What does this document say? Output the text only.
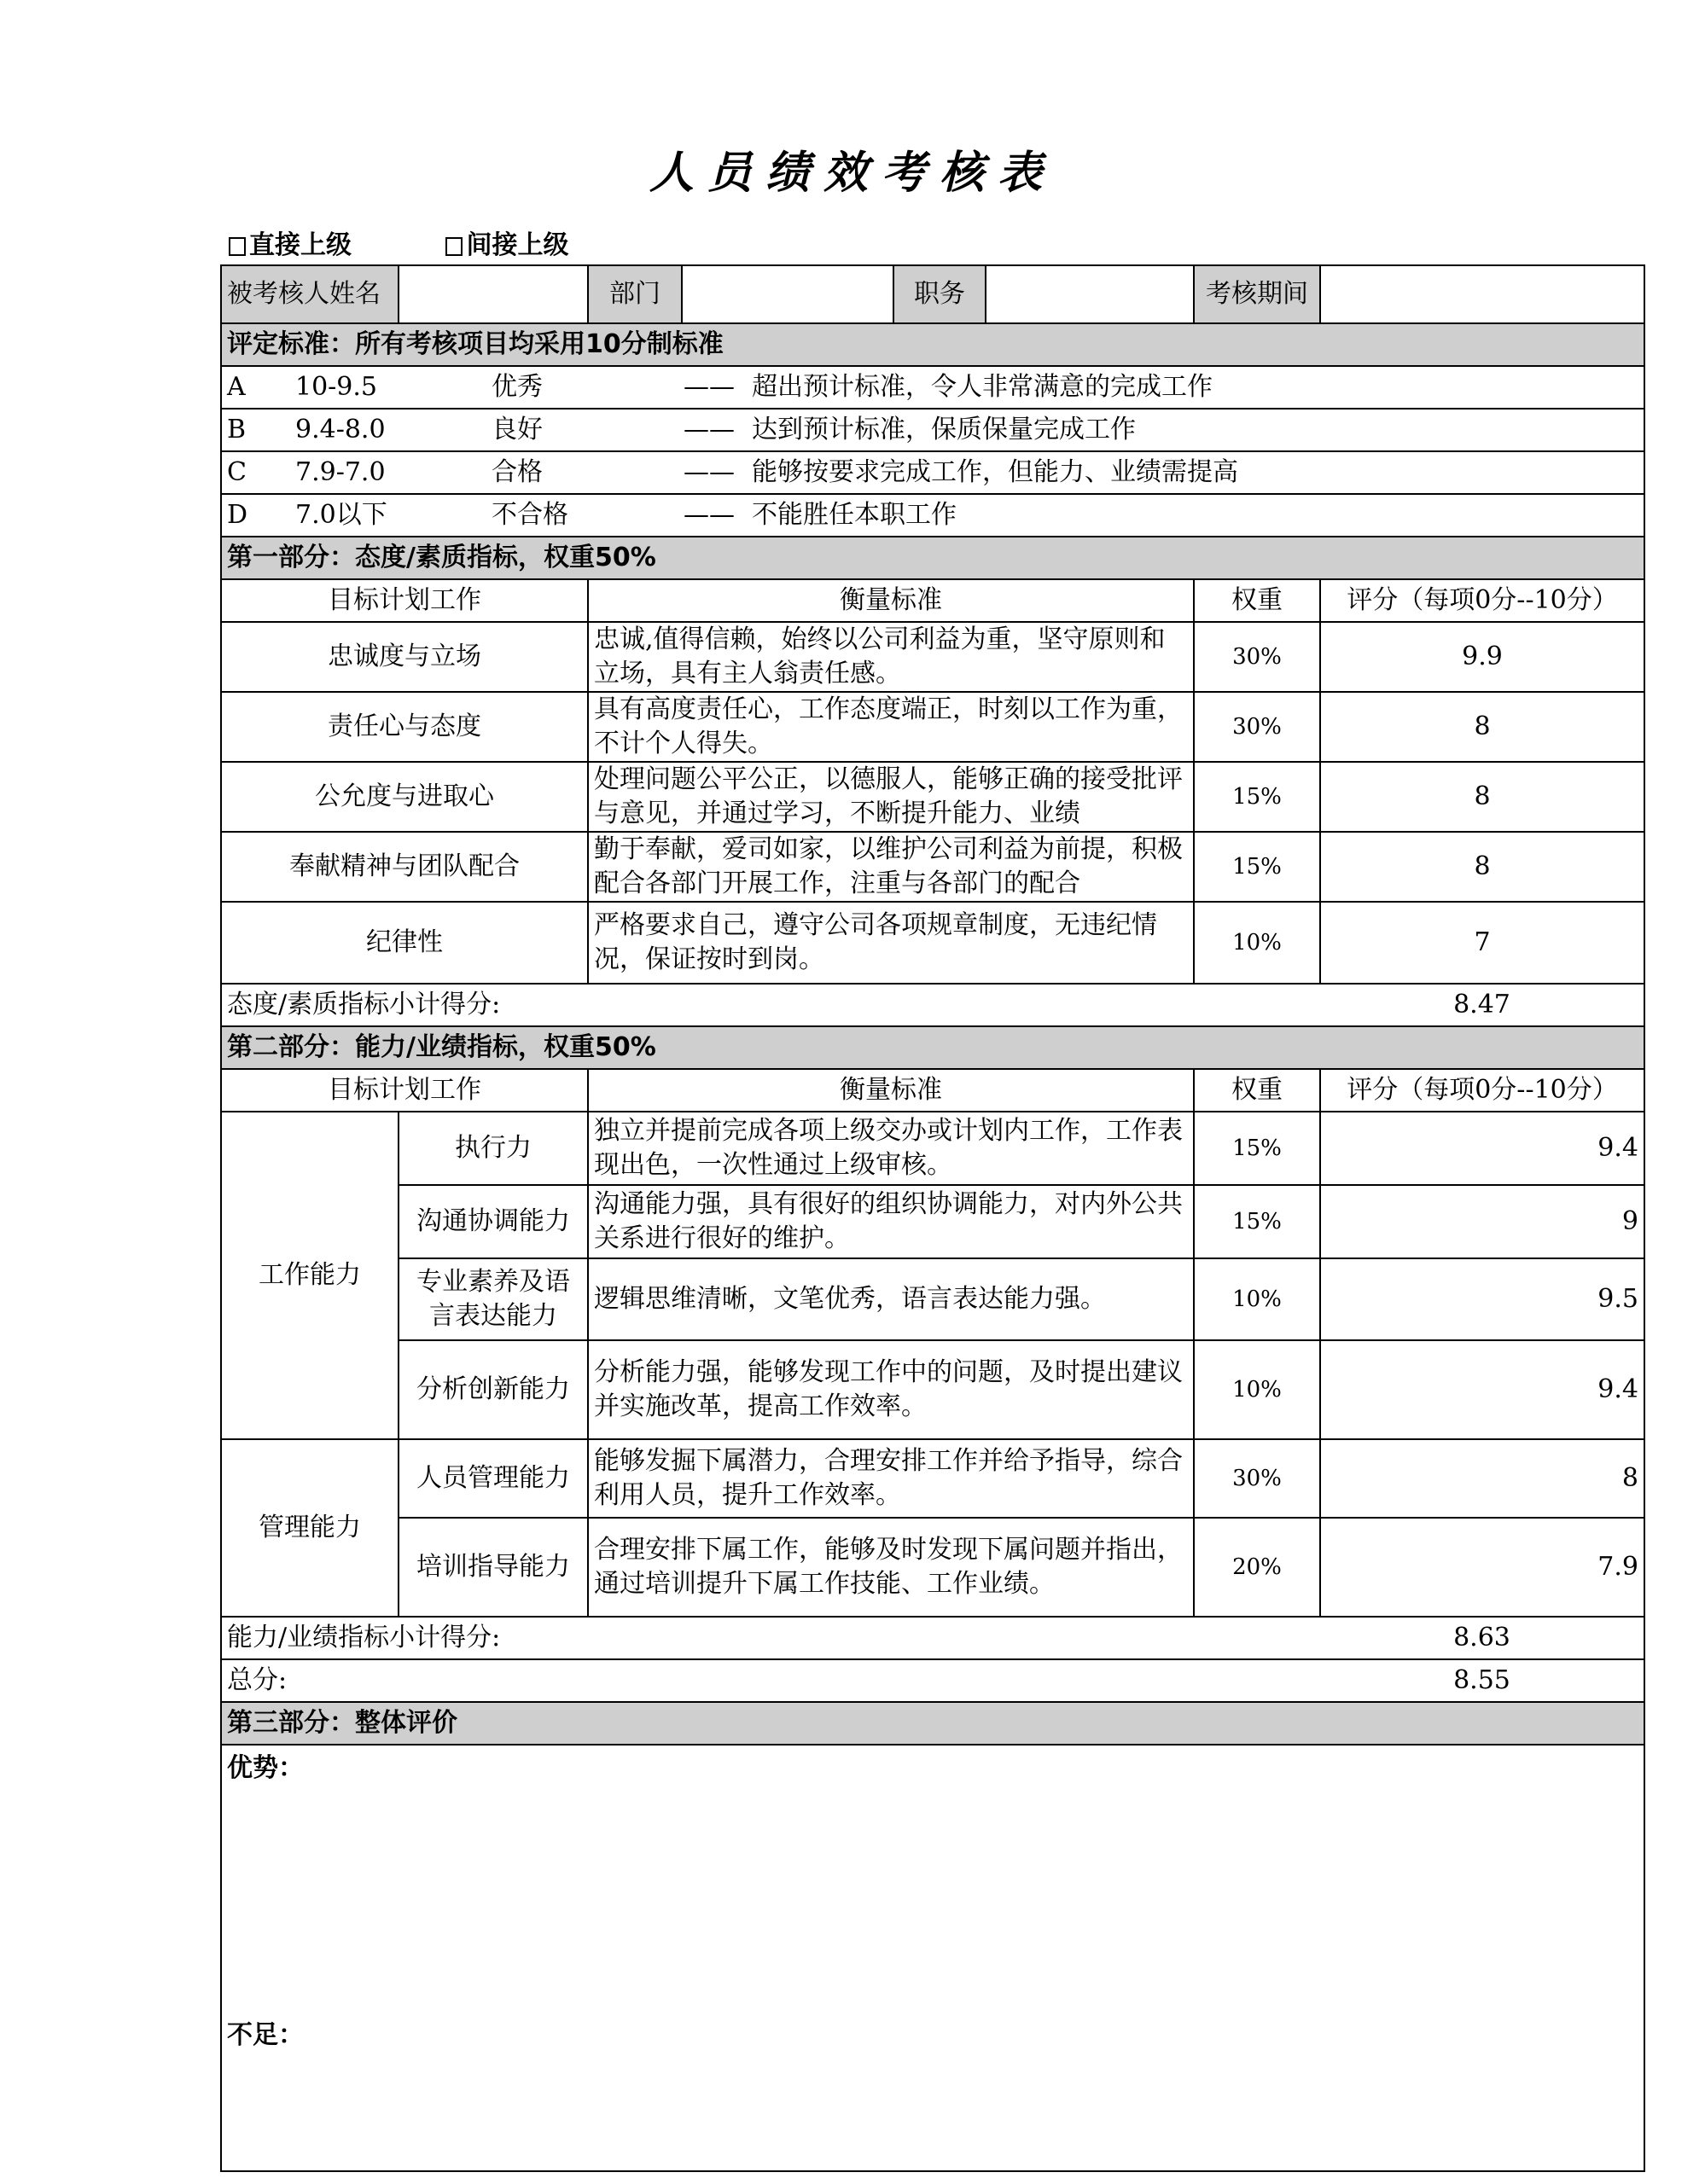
人员绩效考核表
直接上级	间接上级
被考核人姓名		部门		职务		考核期间	
评定标准：所有考核项目均采用10分制标准							
A 10-9.5 优秀 —— 超出预计标准，令人非常满意的完成工作							
B 9.4-8.0 良好 —— 达到预计标准，保质保量完成工作							
C 7.9-7.0 合格 —— 能够按要求完成工作，但能力、业绩需提高							
D 7.0以下 不合格 —— 不能胜任本职工作							
第一部分：态度/素质指标，权重50%							
目标计划工作		衡量标准				权重	评分（每项0分--10分）
忠诚度与立场		忠诚,值得信赖，始终以公司利益为重，坚守原则和立场，具有主人翁责任感。				30%	9.9
责任心与态度		具有高度责任心，工作态度端正，时刻以工作为重，不计个人得失。				30%	8
公允度与进取心		处理问题公平公正，以德服人，能够正确的接受批评与意见，并通过学习，不断提升能力、业绩				15%	8
奉献精神与团队配合		勤于奉献，爱司如家，以维护公司利益为前提，积极配合各部门开展工作，注重与各部门的配合				15%	8
纪律性		严格要求自己，遵守公司各项规章制度，无违纪情况，保证按时到岗。				10%	7
态度/素质指标小计得分:							8.47
第二部分：能力/业绩指标，权重50%							
目标计划工作		衡量标准				权重	评分（每项0分--10分）
工作能力	执行力	独立并提前完成各项上级交办或计划内工作，工作表现出色，一次性通过上级审核。				15%	9.4
	沟通协调能力	沟通能力强，具有很好的组织协调能力，对内外公共关系进行很好的维护。				15%	9
	专业素养及语言表达能力	逻辑思维清晰，文笔优秀，语言表达能力强。				10%	9.5
	分析创新能力	分析能力强，能够发现工作中的问题，及时提出建议并实施改革，提高工作效率。				10%	9.4
管理能力	人员管理能力	能够发掘下属潜力，合理安排工作并给予指导，综合利用人员，提升工作效率。				30%	8
	培训指导能力	合理安排下属工作，能够及时发现下属问题并指出，通过培训提升下属工作技能、工作业绩。				20%	7.9
能力/业绩指标小计得分:							8.63
总分:							8.55
第三部分：整体评价							
优势：							
不足：							
